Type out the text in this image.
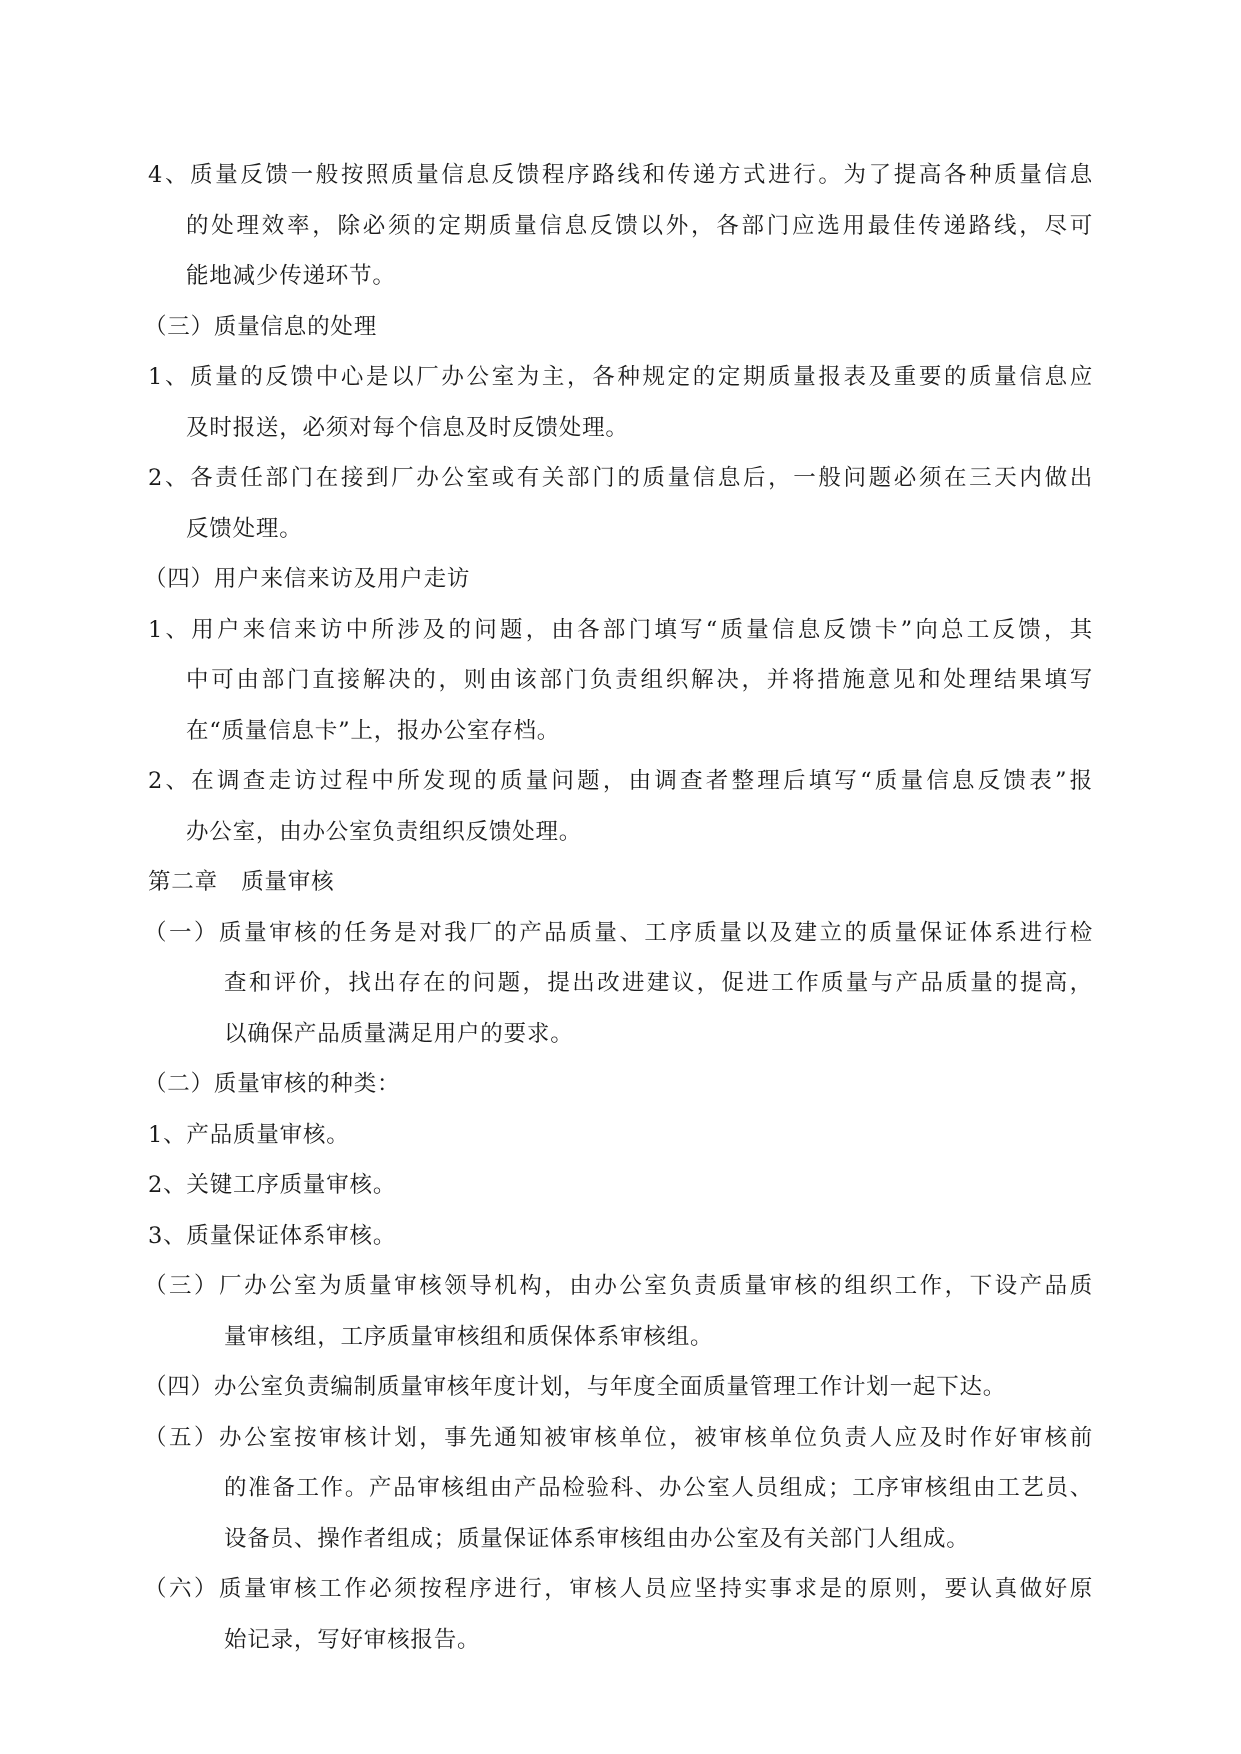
4、质量反馈一般按照质量信息反馈程序路线和传递方式进行。为了提高各种质量信息
的处理效率，除必须的定期质量信息反馈以外，各部门应选用最佳传递路线，尽可
能地减少传递环节。
（三）质量信息的处理
1、质量的反馈中心是以厂办公室为主，各种规定的定期质量报表及重要的质量信息应
及时报送，必须对每个信息及时反馈处理。
2、各责任部门在接到厂办公室或有关部门的质量信息后，一般问题必须在三天内做出
反馈处理。
（四）用户来信来访及用户走访
1、用户来信来访中所涉及的问题，由各部门填写“质量信息反馈卡”向总工反馈，其
中可由部门直接解决的，则由该部门负责组织解决，并将措施意见和处理结果填写
在“质量信息卡”上，报办公室存档。
2、在调查走访过程中所发现的质量问题，由调查者整理后填写“质量信息反馈表”报
办公室，由办公室负责组织反馈处理。
第二章　质量审核
（一）质量审核的任务是对我厂的产品质量、工序质量以及建立的质量保证体系进行检
查和评价，找出存在的问题，提出改进建议，促进工作质量与产品质量的提高，
以确保产品质量满足用户的要求。
（二）质量审核的种类：
1、产品质量审核。
2、关键工序质量审核。
3、质量保证体系审核。
（三）厂办公室为质量审核领导机构，由办公室负责质量审核的组织工作，下设产品质
量审核组，工序质量审核组和质保体系审核组。
（四）办公室负责编制质量审核年度计划，与年度全面质量管理工作计划一起下达。
（五）办公室按审核计划，事先通知被审核单位，被审核单位负责人应及时作好审核前
的准备工作。产品审核组由产品检验科、办公室人员组成；工序审核组由工艺员、
设备员、操作者组成；质量保证体系审核组由办公室及有关部门人组成。
（六）质量审核工作必须按程序进行，审核人员应坚持实事求是的原则，要认真做好原
始记录，写好审核报告。
